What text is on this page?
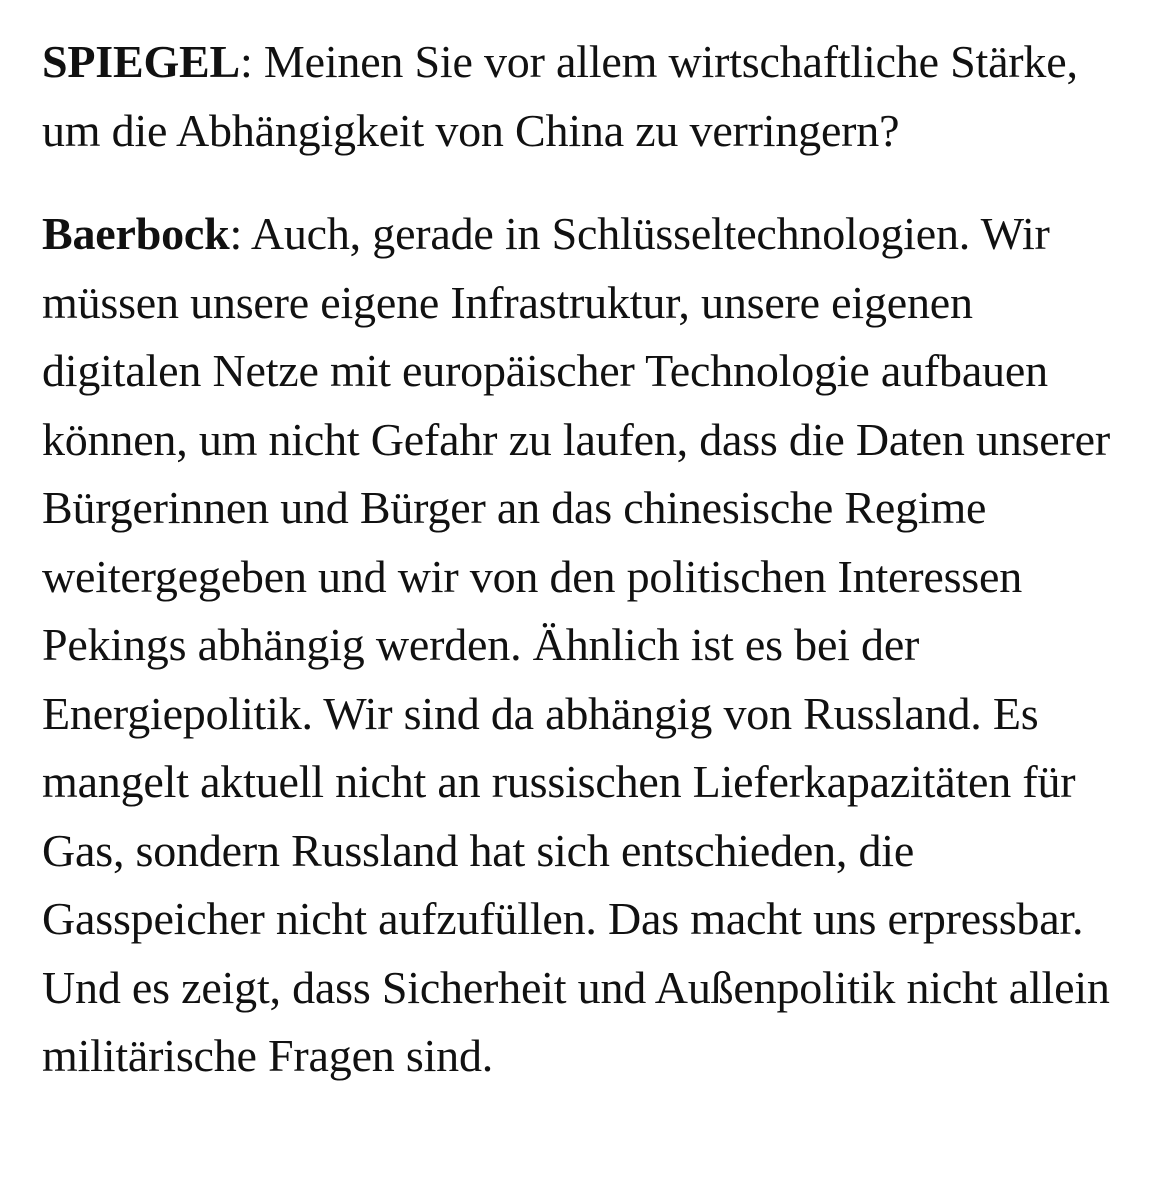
SPIEGEL: Meinen Sie vor allem wirtschaftliche Stärke, um die Abhängigkeit von China zu verringern?

Baerbock: Auch, gerade in Schlüsseltechnologien. Wir müssen unsere eigene Infrastruktur, unsere eigenen digitalen Netze mit europäischer Technologie aufbauen können, um nicht Gefahr zu laufen, dass die Daten unserer Bürgerinnen und Bürger an das chinesische Regime weitergegeben und wir von den politischen Interessen Pekings abhängig werden. Ähnlich ist es bei der Energiepolitik. Wir sind da abhängig von Russland. Es mangelt aktuell nicht an russischen Lieferkapazitäten für Gas, sondern Russland hat sich entschieden, die Gasspeicher nicht aufzufüllen. Das macht uns erpressbar. Und es zeigt, dass Sicherheit und Außenpolitik nicht allein militärische Fragen sind.
